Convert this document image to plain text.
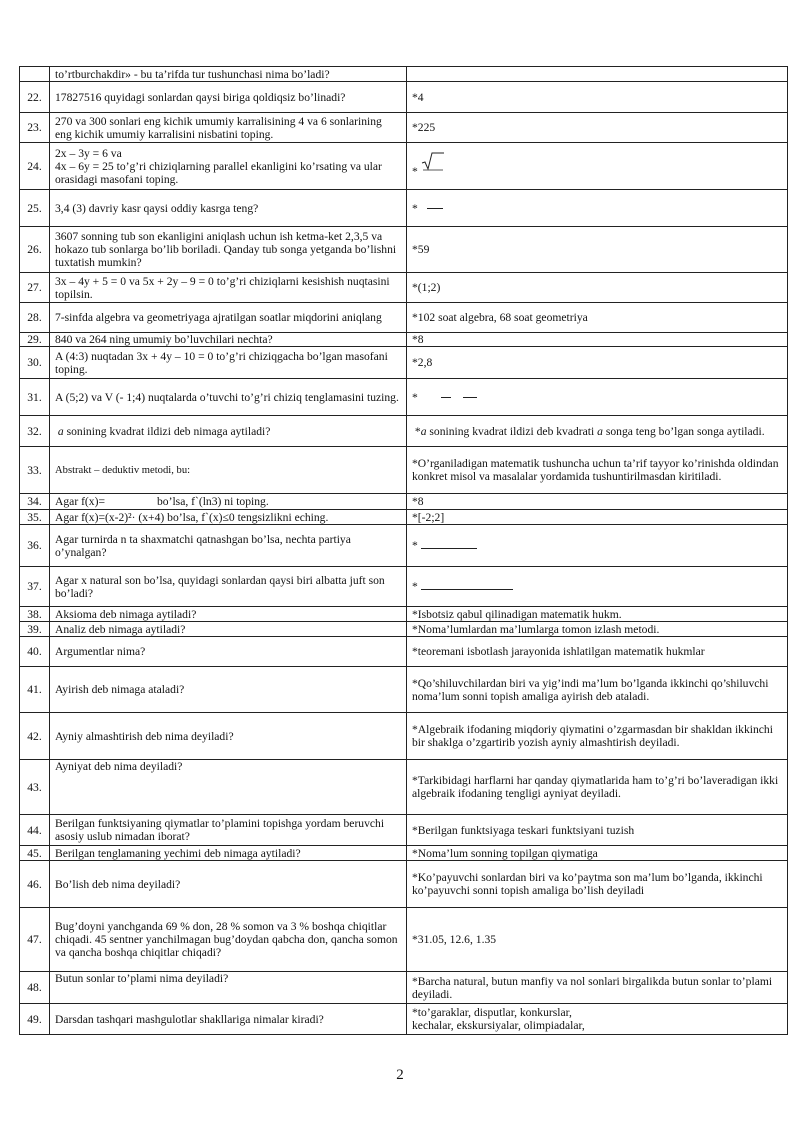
	to’rtburchakdir» - bu ta’rifda tur tushunchasi nima bo’ladi?	
22.	17827516 quyidagi sonlardan qaysi biriga qoldiqsiz bo’linadi?	*4
23.	270 va 300 sonlari eng kichik umumiy karralisining 4 va 6 sonlarining eng kichik umumiy karralisini nisbatini toping.	*225
24.	2x – 3y = 6 va
4x – 6y = 25 to’g’ri chiziqlarning parallel ekanligini ko’rsating va ular orasidagi masofani toping.	*
25.	3,4 (3) davriy kasr qaysi oddiy kasrga teng?	*
26.	3607 sonning tub son ekanligini aniqlash uchun ish ketma-ket 2,3,5 va hokazo tub sonlarga bo’lib boriladi. Qanday tub songa yetganda bo’lishni tuxtatish mumkin?	*59
27.	3x – 4y + 5 = 0 va 5x + 2y – 9 = 0 to’g’ri chiziqlarni kesishish nuqtasini topilsin.	*(1;2)
28.	7-sinfda algebra va geometriyaga ajratilgan soatlar miqdorini aniqlang	*102 soat algebra, 68 soat geometriya
29.	840 va 264 ning umumiy bo’luvchilari nechta?	*8
30.	A (4:3) nuqtadan 3x + 4y – 10 = 0 to’g’ri chiziqgacha bo’lgan masofani toping.	*2,8
31.	A (5;2) va V (- 1;4) nuqtalarda o’tuvchi to’g’ri chiziq tenglamasini tuzing.	*
32.	a sonining kvadrat ildizi deb nimaga aytiladi?	*a sonining kvadrat ildizi deb kvadrati a songa teng bo’lgan songa aytiladi.
33.	Abstrakt – deduktiv metodi, bu:	*O’rganiladigan matematik tushuncha uchun ta’rif tayyor ko’rinishda oldindan konkret misol va masalalar yordamida tushuntirilmasdan kiritiladi.
34.	Agar f(x)= bo’lsa, f`(ln3) ni toping.	*8
35.	Agar f(x)=(x-2)²· (x+4) bo’lsa, f`(x)≤0 tengsizlikni eching.	*[-2;2]
36.	Agar turnirda n ta shaxmatchi qatnashgan bo’lsa, nechta partiya o’ynalgan?	*
37.	Agar x natural son bo’lsa, quyidagi sonlardan qaysi biri albatta juft son bo’ladi?	*
38.	Aksioma deb nimaga aytiladi?	*Isbotsiz qabul qilinadigan matematik hukm.
39.	Analiz deb nimaga aytiladi?	*Noma’lumlardan ma’lumlarga tomon izlash metodi.
40.	Argumentlar nima?	*teoremani isbotlash jarayonida ishlatilgan matematik hukmlar
41.	Ayirish deb nimaga ataladi?	*Qo’shiluvchilardan biri va yig’indi ma’lum bo’lganda ikkinchi qo’shiluvchi noma’lum sonni topish amaliga ayirish deb ataladi.
42.	Ayniy almashtirish deb nima deyiladi?	*Algebraik ifodaning miqdoriy qiymatini o’zgarmasdan bir shakldan ikkinchi bir shaklga o’zgartirib yozish ayniy almashtirish deyiladi.
43.	Ayniyat deb nima deyiladi?	*Tarkibidagi harflarni har qanday qiymatlarida ham to’g’ri bo’laveradigan ikki algebraik ifodaning tengligi ayniyat deyiladi.
44.	Berilgan funktsiyaning qiymatlar to’plamini topishga yordam beruvchi asosiy uslub nimadan iborat?	*Berilgan funktsiyaga teskari funktsiyani tuzish
45.	Berilgan tenglamaning yechimi deb nimaga aytiladi?	*Noma’lum sonning topilgan qiymatiga
46.	Bo’lish deb nima deyiladi?	*Ko’payuvchi sonlardan biri va ko’paytma son ma’lum bo’lganda, ikkinchi ko’payuvchi sonni topish amaliga bo’lish deyiladi
47.	Bug’doyni yanchganda 69 % don, 28 % somon va 3 % boshqa chiqitlar chiqadi. 45 sentner yanchilmagan bug’doydan qabcha don, qancha somon va qancha boshqa chiqitlar chiqadi?	*31.05, 12.6, 1.35
48.	Butun sonlar to’plami nima deyiladi?	*Barcha natural, butun manfiy va nol sonlari birgalikda butun sonlar to’plami deyiladi.
49.	Darsdan tashqari mashgulotlar shakllariga nimalar kiradi?	*to’garaklar, disputlar, konkurslar,
kechalar, ekskursiyalar, olimpiadalar,
2
